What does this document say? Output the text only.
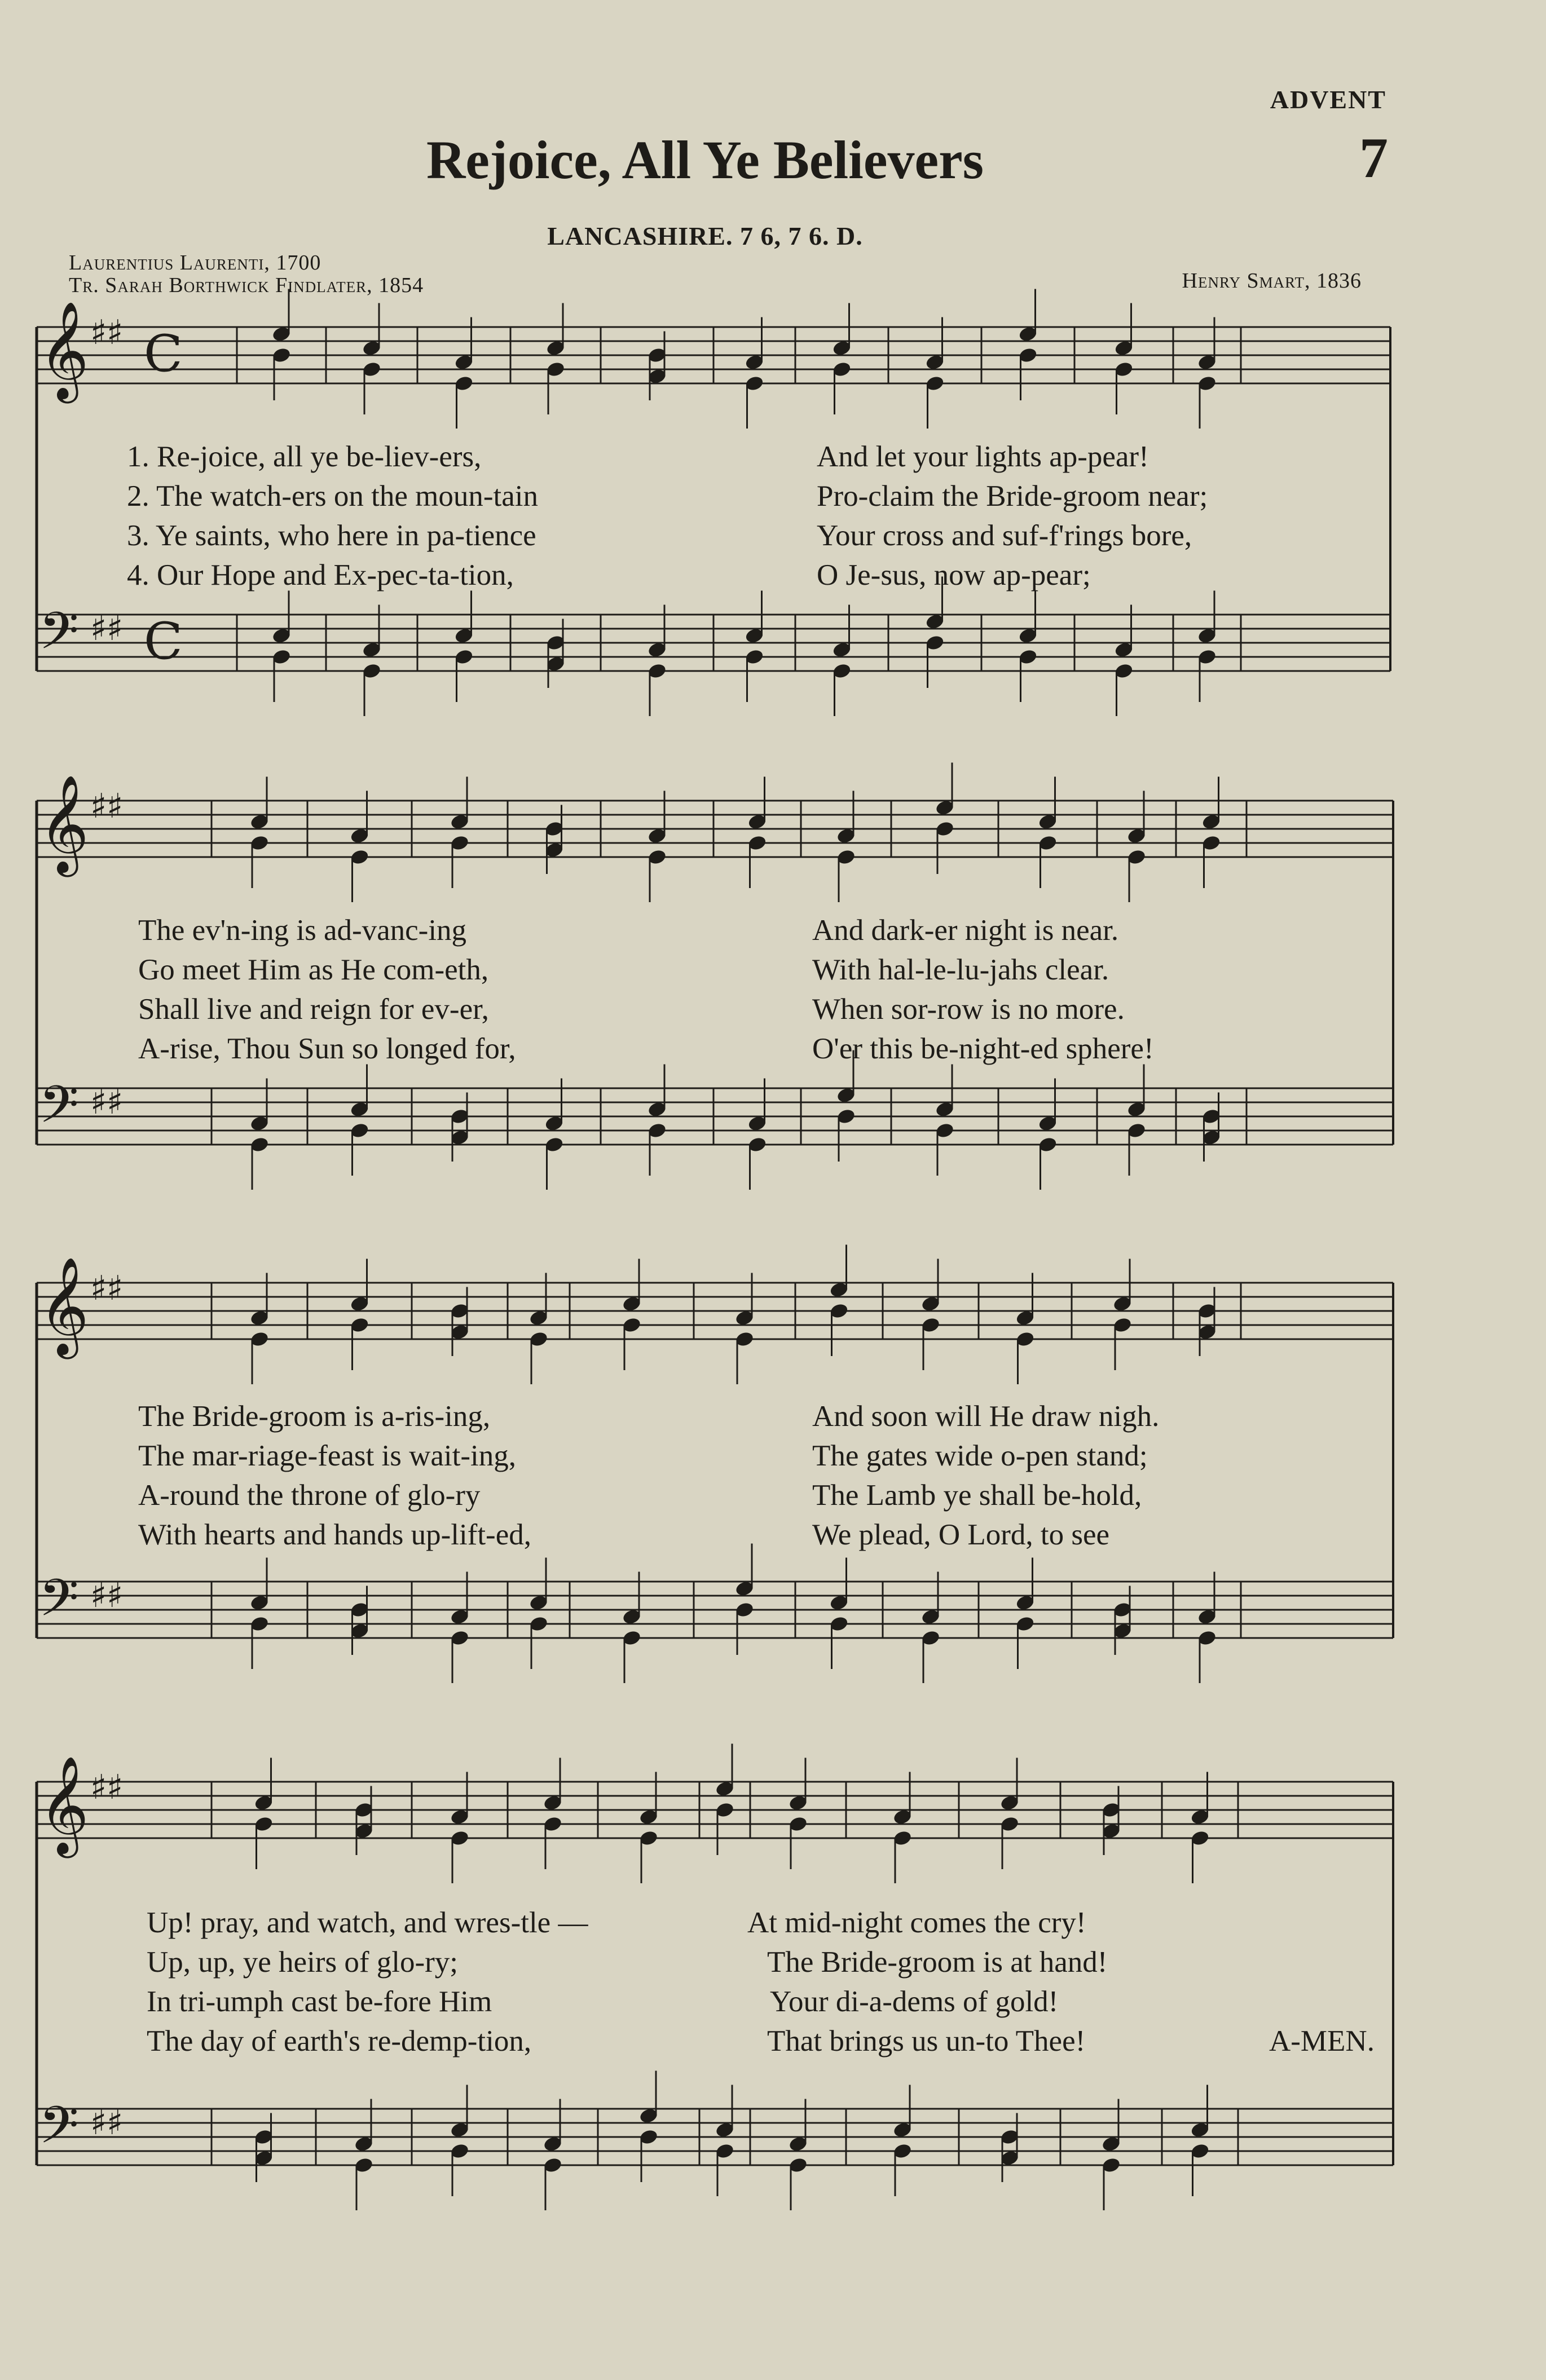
ADVENT
Rejoice, All Ye Believers	7
LANCASHIRE. 7 6, 7 6. D.
Laurentius Laurenti, 1700
Tr. Sarah Borthwick Findlater, 1854	Henry Smart, 1836
𝄞 ♯♯ C
𝄢 ♯♯ C
𝄞 ♯♯
𝄢 ♯♯
𝄞 ♯♯
𝄢 ♯♯
𝄞 ♯♯
𝄢 ♯♯
1. Re-joice, all ye be-liev-ers,	And let your lights ap-pear!
2. The watch-ers on the moun-tain	Pro-claim the Bride-groom near;
3. Ye saints, who here in pa-tience	Your cross and suf-f'rings bore,
4. Our Hope and Ex-pec-ta-tion,	O Je-sus, now ap-pear;
The ev'n-ing is ad-vanc-ing	And dark-er night is near.
Go meet Him as He com-eth,	With hal-le-lu-jahs clear.
Shall live and reign for ev-er,	When sor-row is no more.
A-rise, Thou Sun so longed for,	O'er this be-night-ed sphere!
The Bride-groom is a-ris-ing,	And soon will He draw nigh.
The mar-riage-feast is wait-ing,	The gates wide o-pen stand;
A-round the throne of glo-ry	The Lamb ye shall be-hold,
With hearts and hands up-lift-ed,	We plead, O Lord, to see
Up! pray, and watch, and wres-tle —	At mid-night comes the cry!
Up, up, ye heirs of glo-ry;	The Bride-groom is at hand!
In tri-umph cast be-fore Him	Your di-a-dems of gold!
The day of earth's re-demp-tion,	That brings us un-to Thee!	A-MEN.
